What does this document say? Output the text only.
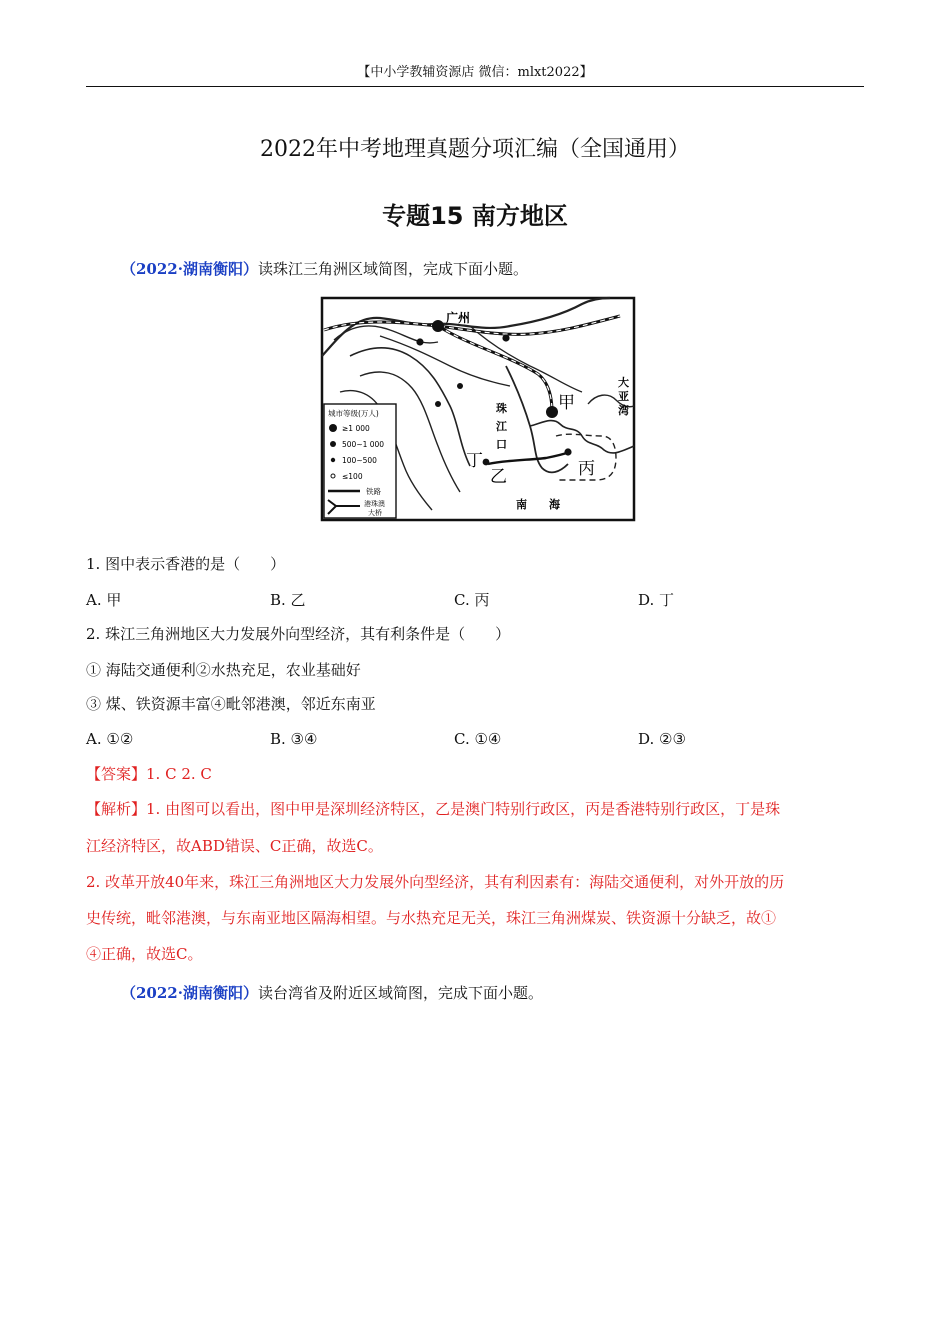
【中小学教辅资源店 微信：mlxt2022】
2022年中考地理真题分项汇编（全国通用）
专题15 南方地区
（2022·湖南衡阳）读珠江三角洲区域简图，完成下面小题。
广州
甲
乙	丙
丁
珠
江
口
大
亚
湾
南　　海
城市等级(万人)
≥1 000
500~1 000
100~500
≤100
铁路
港珠澳
大桥
1. 图中表示香港的是（　　）
A. 甲	B. 乙	C. 丙	D. 丁
2. 珠江三角洲地区大力发展外向型经济，其有利条件是（　　）
① 海陆交通便利②水热充足，农业基础好
③ 煤、铁资源丰富④毗邻港澳，邻近东南亚
A. ①②	B. ③④	C. ①④	D. ②③
【答案】1. C 2. C
【解析】1. 由图可以看出，图中甲是深圳经济特区，乙是澳门特别行政区，丙是香港特别行政区，丁是珠
江经济特区，故ABD错误、C正确，故选C。
2. 改革开放40年来，珠江三角洲地区大力发展外向型经济，其有利因素有：海陆交通便利，对外开放的历
史传统，毗邻港澳，与东南亚地区隔海相望。与水热充足无关，珠江三角洲煤炭、铁资源十分缺乏，故①
④正确，故选C。
（2022·湖南衡阳）读台湾省及附近区域简图，完成下面小题。
